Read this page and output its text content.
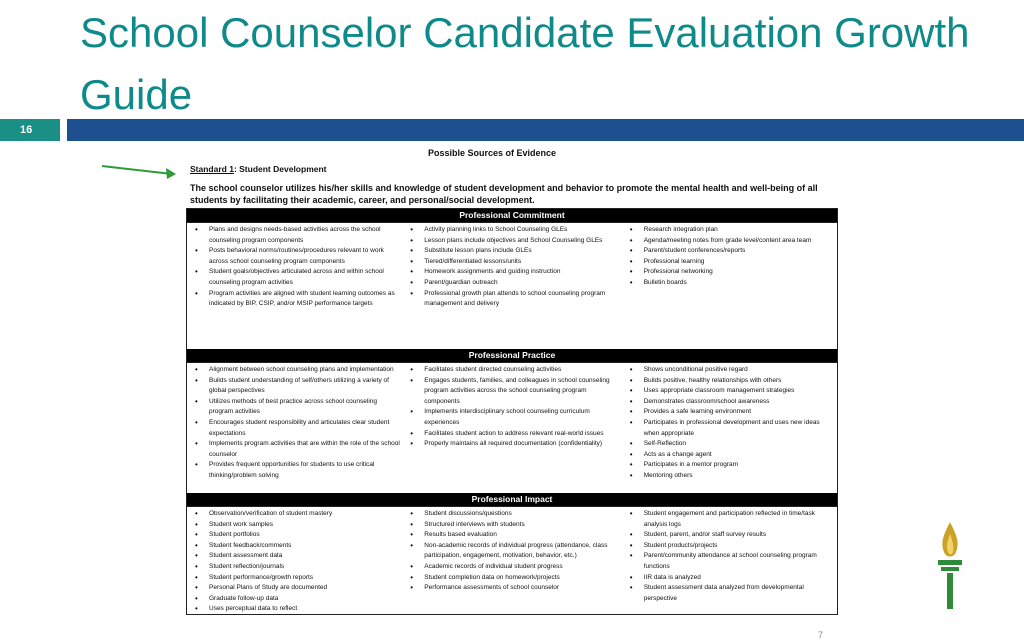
School Counselor Candidate Evaluation Growth Guide
16
Possible Sources of Evidence
Standard 1: Student Development
The school counselor utilizes his/her skills and knowledge of student development and behavior to promote the mental health and well-being of all students by facilitating their academic, career, and personal/social development.
Professional Commitment
• Plans and designs needs-based activities across the school counseling program components
• Posts behavioral norms/routines/procedures relevant to work across school counseling program components
• Student goals/objectives articulated across and within school counseling program activities
• Program activities are aligned with student learning outcomes as indicated by BIP, CSIP, and/or MSIP performance targets
• Activity planning links to School Counseling GLEs
• Lesson plans include objectives and School Counseling GLEs
• Substitute lesson plans include GLEs
• Tiered/differentiated lessons/units
• Homework assignments and guiding instruction
• Parent/guardian outreach
• Professional growth plan attends to school counseling program management and delivery
• Research integration plan
• Agenda/meeting notes from grade level/content area team
• Parent/student conferences/reports
• Professional learning
• Professional networking
• Bulletin boards
Professional Practice
• Alignment between school counseling plans and implementation
• Builds student understanding of self/others utilizing a variety of global perspectives
• Utilizes methods of best practice across school counseling program activities
• Encourages student responsibility and articulates clear student expectations
• Implements program activities that are within the role of the school counselor
• Provides frequent opportunities for students to use critical thinking/problem solving
• Facilitates student directed counseling activities
• Engages students, families, and colleagues in school counseling program activities across the school counseling program components
• Implements interdisciplinary school counseling curriculum experiences
• Facilitates student action to address relevant real-world issues
• Properly maintains all required documentation (confidentiality)
• Shows unconditional positive regard
• Builds positive, healthy relationships with others
• Uses appropriate classroom management strategies
• Demonstrates classroom/school awareness
• Provides a safe learning environment
• Participates in professional development and uses new ideas when appropriate
• Self-Reflection
• Acts as a change agent
• Participates in a mentor program
• Mentoring others
Professional Impact
• Observation/verification of student mastery
• Student work samples
• Student portfolios
• Student feedback/comments
• Student assessment data
• Student reflection/journals
• Student performance/growth reports
• Personal Plans of Study are documented
• Graduate follow-up data
• Uses perceptual data to reflect
• Student discussions/questions
• Structured interviews with students
• Results based evaluation
• Non-academic records of individual progress (attendance, class participation, engagement, motivation, behavior, etc.)
• Academic records of individual student progress
• Student completion data on homework/projects
• Performance assessments of school counselor
• Student engagement and participation reflected in time/task analysis logs
• Student, parent, and/or staff survey results
• Student products/projects
• Parent/community attendance at school counseling program functions
• IIR data is analyzed
• Student assessment data analyzed from developmental perspective
7
